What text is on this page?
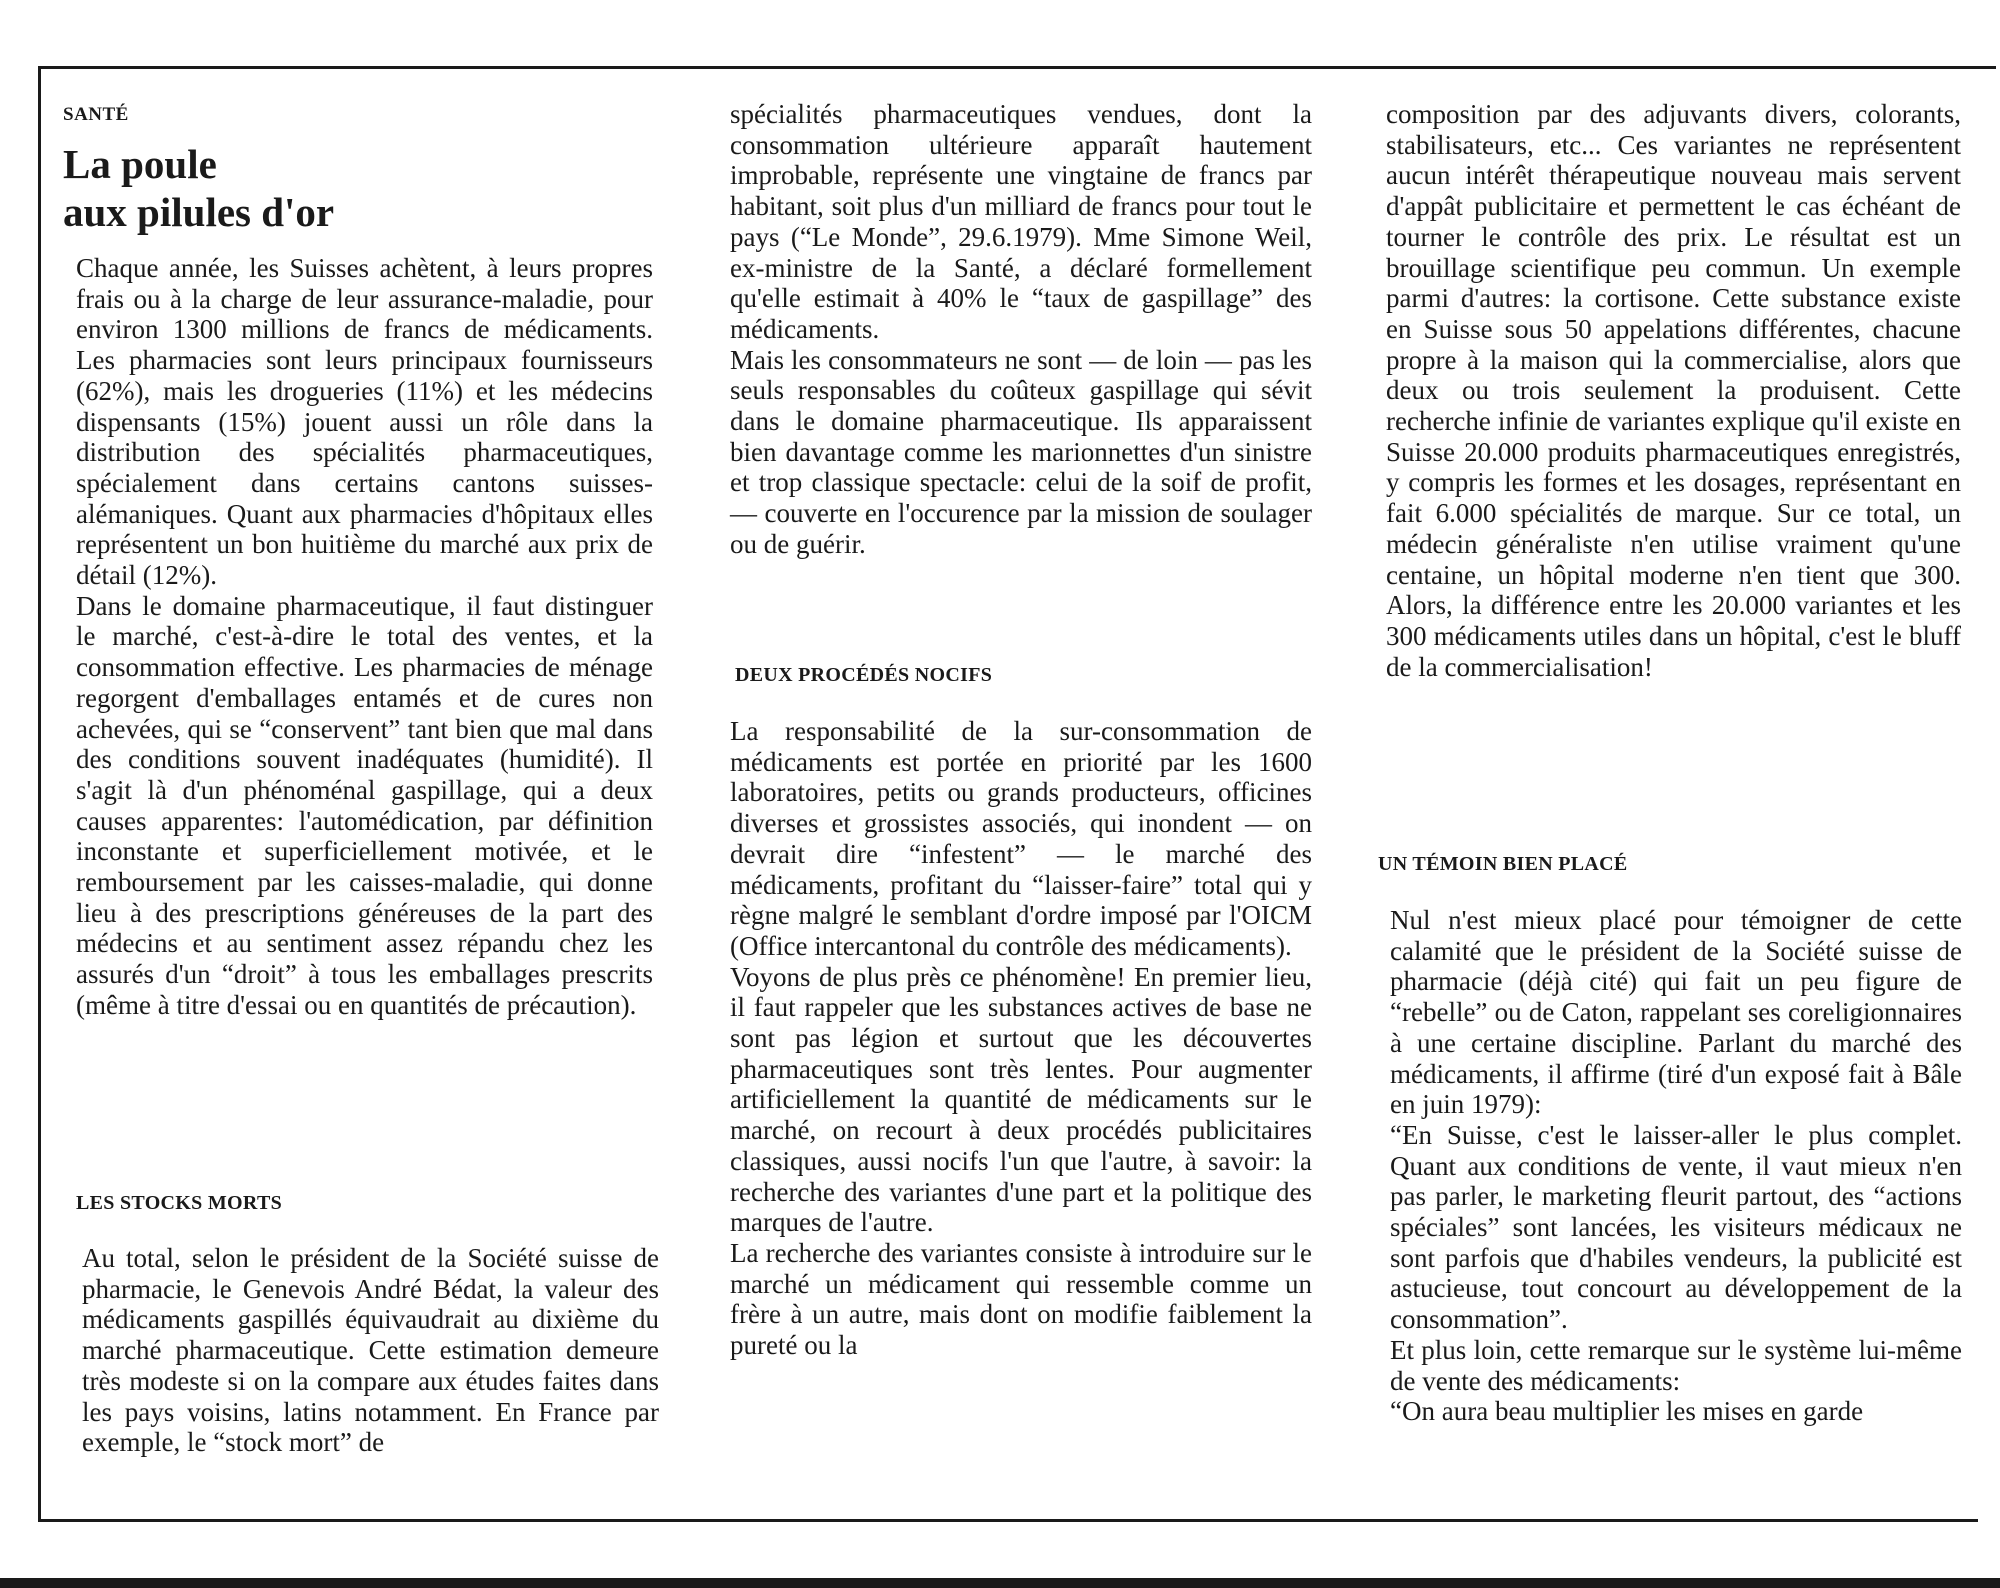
SANTÉ
La poule
aux pilules d'or

Chaque année, les Suisses achètent, à leurs propres frais ou à la charge de leur assurance-maladie, pour environ 1300 millions de francs de médicaments. Les pharmacies sont leurs principaux fournisseurs (62%), mais les drogueries (11%) et les médecins dispensants (15%) jouent aussi un rôle dans la distribution des spécialités pharmaceutiques, spécialement dans certains cantons suisses-alémaniques. Quant aux pharmacies d'hôpitaux elles représentent un bon huitième du marché aux prix de détail (12%).

Dans le domaine pharmaceutique, il faut distinguer le marché, c'est-à-dire le total des ventes, et la consommation effective. Les pharmacies de ménage regorgent d'emballages entamés et de cures non achevées, qui se “conservent” tant bien que mal dans des conditions souvent inadéquates (humidité). Il s'agit là d'un phénoménal gaspillage, qui a deux causes apparentes: l'automédication, par définition inconstante et superficiellement motivée, et le remboursement par les caisses-maladie, qui donne lieu à des prescriptions généreuses de la part des médecins et au sentiment assez répandu chez les assurés d'un “droit” à tous les emballages prescrits (même à titre d'essai ou en quantités de précaution).

LES STOCKS MORTS

Au total, selon le président de la Société suisse de pharmacie, le Genevois André Bédat, la valeur des médicaments gaspillés équivaudrait au dixième du marché pharmaceutique. Cette estimation demeure très modeste si on la compare aux études faites dans les pays voisins, latins notamment. En France par exemple, le “stock mort” de

spécialités pharmaceutiques vendues, dont la consommation ultérieure apparaît hautement improbable, représente une vingtaine de francs par habitant, soit plus d'un milliard de francs pour tout le pays (“Le Monde”, 29.6.1979). Mme Simone Weil, ex-ministre de la Santé, a déclaré formellement qu'elle estimait à 40% le “taux de gaspillage” des médicaments.

Mais les consommateurs ne sont — de loin — pas les seuls responsables du coûteux gaspillage qui sévit dans le domaine pharmaceutique. Ils apparaissent bien davantage comme les marionnettes d'un sinistre et trop classique spectacle: celui de la soif de profit, — couverte en l'occurence par la mission de soulager ou de guérir.

DEUX PROCÉDÉS NOCIFS

La responsabilité de la sur-consommation de médicaments est portée en priorité par les 1600 laboratoires, petits ou grands producteurs, officines diverses et grossistes associés, qui inondent — on devrait dire “infestent” — le marché des médicaments, profitant du “laisser-faire” total qui y règne malgré le semblant d'ordre imposé par l'OICM (Office intercantonal du contrôle des médicaments).

Voyons de plus près ce phénomène! En premier lieu, il faut rappeler que les substances actives de base ne sont pas légion et surtout que les découvertes pharmaceutiques sont très lentes. Pour augmenter artificiellement la quantité de médicaments sur le marché, on recourt à deux procédés publicitaires classiques, aussi nocifs l'un que l'autre, à savoir: la recherche des variantes d'une part et la politique des marques de l'autre.

La recherche des variantes consiste à introduire sur le marché un médicament qui ressemble comme un frère à un autre, mais dont on modifie faiblement la pureté ou la

composition par des adjuvants divers, colorants, stabilisateurs, etc... Ces variantes ne représentent aucun intérêt thérapeutique nouveau mais servent d'appât publicitaire et permettent le cas échéant de tourner le contrôle des prix. Le résultat est un brouillage scientifique peu commun. Un exemple parmi d'autres: la cortisone. Cette substance existe en Suisse sous 50 appelations différentes, chacune propre à la maison qui la commercialise, alors que deux ou trois seulement la produisent. Cette recherche infinie de variantes explique qu'il existe en Suisse 20.000 produits pharmaceutiques enregistrés, y compris les formes et les dosages, représentant en fait 6.000 spécialités de marque. Sur ce total, un médecin généraliste n'en utilise vraiment qu'une centaine, un hôpital moderne n'en tient que 300. Alors, la différence entre les 20.000 variantes et les 300 médicaments utiles dans un hôpital, c'est le bluff de la commercialisation!

UN TÉMOIN BIEN PLACÉ

Nul n'est mieux placé pour témoigner de cette calamité que le président de la Société suisse de pharmacie (déjà cité) qui fait un peu figure de “rebelle” ou de Caton, rappelant ses coreligionnaires à une certaine discipline. Parlant du marché des médicaments, il affirme (tiré d'un exposé fait à Bâle en juin 1979):

“En Suisse, c'est le laisser-aller le plus complet. Quant aux conditions de vente, il vaut mieux n'en pas parler, le marketing fleurit partout, des “actions spéciales” sont lancées, les visiteurs médicaux ne sont parfois que d'habiles vendeurs, la publicité est astucieuse, tout concourt au développement de la consommation”.

Et plus loin, cette remarque sur le système lui-même de vente des médicaments:

“On aura beau multiplier les mises en garde
